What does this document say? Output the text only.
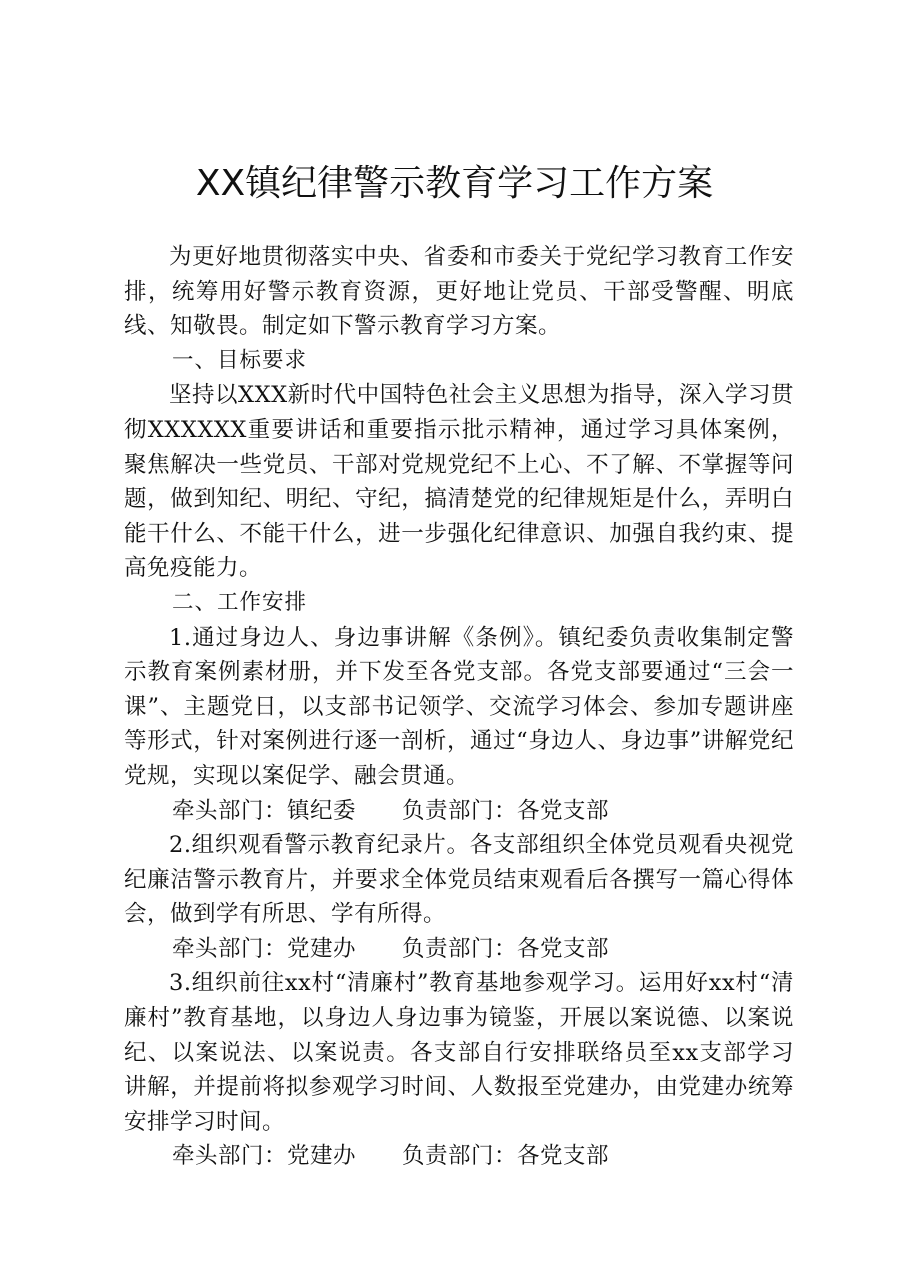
XX镇纪律警示教育学习工作方案

为更好地贯彻落实中央、省委和市委关于党纪学习教育工作安排，统筹用好警示教育资源，更好地让党员、干部受警醒、明底线、知敬畏。制定如下警示教育学习方案。

一、目标要求

坚持以XXX新时代中国特色社会主义思想为指导，深入学习贯彻XXXXXX重要讲话和重要指示批示精神，通过学习具体案例，聚焦解决一些党员、干部对党规党纪不上心、不了解、不掌握等问题，做到知纪、明纪、守纪，搞清楚党的纪律规矩是什么，弄明白能干什么、不能干什么，进一步强化纪律意识、加强自我约束、提高免疫能力。

二、工作安排

1.通过身边人、身边事讲解《条例》。镇纪委负责收集制定警示教育案例素材册，并下发至各党支部。各党支部要通过“三会一课”、主题党日，以支部书记领学、交流学习体会、参加专题讲座等形式，针对案例进行逐一剖析，通过“身边人、身边事”讲解党纪党规，实现以案促学、融会贯通。

牵头部门：镇纪委 负责部门：各党支部

2.组织观看警示教育纪录片。各支部组织全体党员观看央视党纪廉洁警示教育片，并要求全体党员结束观看后各撰写一篇心得体会，做到学有所思、学有所得。

牵头部门：党建办 负责部门：各党支部

3.组织前往xx村“清廉村”教育基地参观学习。运用好xx村“清廉村”教育基地，以身边人身边事为镜鉴，开展以案说德、以案说纪、以案说法、以案说责。各支部自行安排联络员至xx支部学习讲解，并提前将拟参观学习时间、人数报至党建办，由党建办统筹安排学习时间。

牵头部门：党建办 负责部门：各党支部
